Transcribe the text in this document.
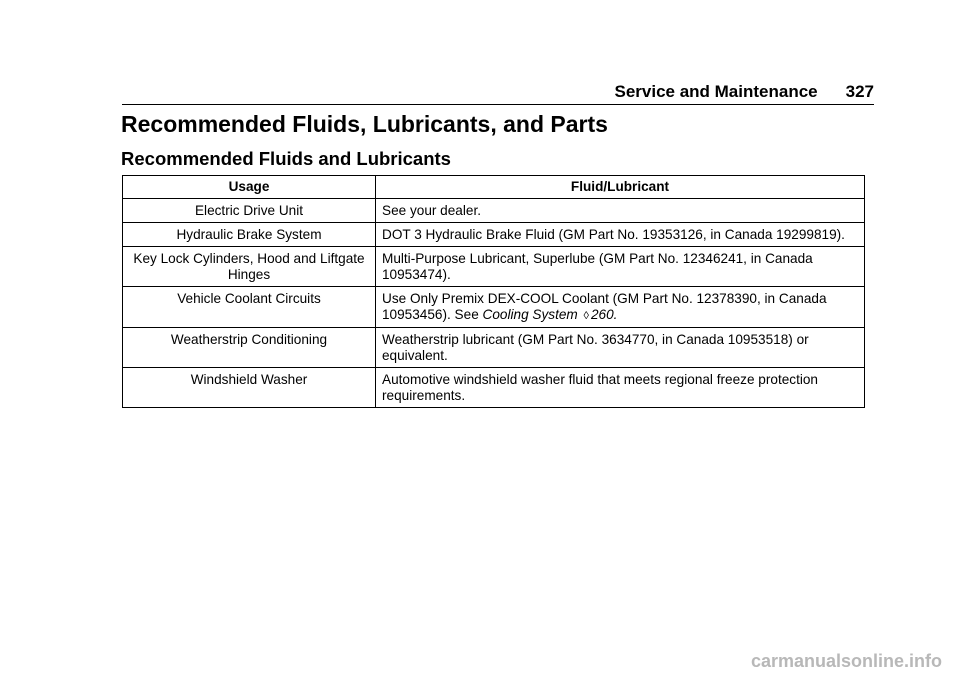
Service and Maintenance 327
Recommended Fluids, Lubricants, and Parts
Recommended Fluids and Lubricants
Usage	Fluid/Lubricant
Electric Drive Unit	See your dealer.
Hydraulic Brake System	DOT 3 Hydraulic Brake Fluid (GM Part No. 19353126, in Canada 19299819).
Key Lock Cylinders, Hood and Liftgate Hinges	Multi-Purpose Lubricant, Superlube (GM Part No. 12346241, in Canada 10953474).
Vehicle Coolant Circuits	Use Only Premix DEX-COOL Coolant (GM Part No. 12378390, in Canada 10953456). See Cooling System ◊ 260.
Weatherstrip Conditioning	Weatherstrip lubricant (GM Part No. 3634770, in Canada 10953518) or equivalent.
Windshield Washer	Automotive windshield washer fluid that meets regional freeze protection requirements.
carmanualsonline.info
